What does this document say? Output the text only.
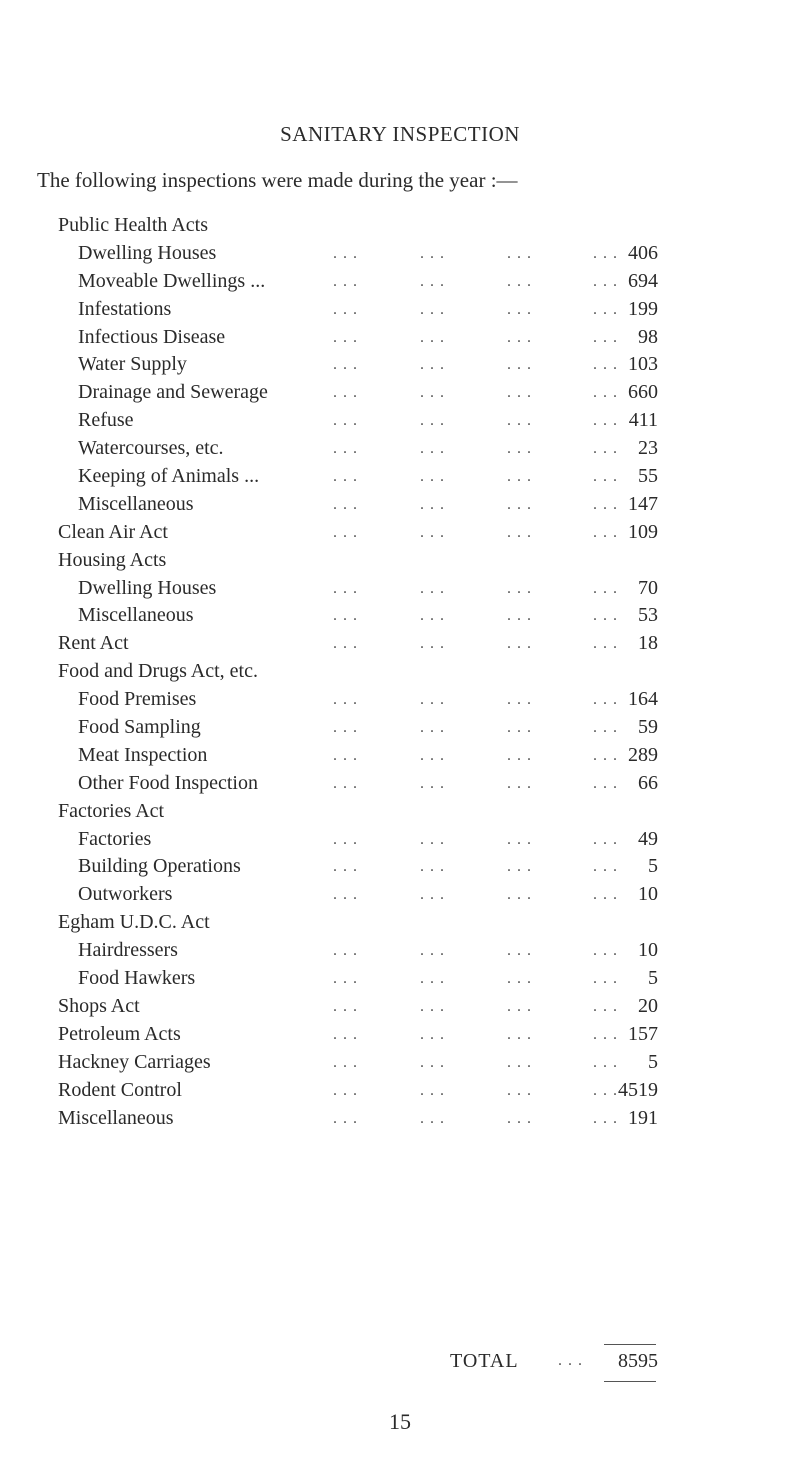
SANITARY INSPECTION
The following inspections were made during the year :—
Public Health Acts
Dwelling Houses	. . .	. . .	. . .	. . . 406
Moveable Dwellings ...	. . .	. . .	. . .	. . . 694
Infestations	. . .	. . .	. . .	. . . 199
Infectious Disease	. . .	. . .	. . .	. . . 98
Water Supply	. . .	. . .	. . .	. . . 103
Drainage and Sewerage	. . .	. . .	. . .	. . . 660
Refuse	. . .	. . .	. . .	. . . 411
Watercourses, etc.	. . .	. . .	. . .	. . . 23
Keeping of Animals ...	. . .	. . .	. . .	. . . 55
Miscellaneous	. . .	. . .	. . .	. . . 147
Clean Air Act	. . .	. . .	. . .	. . . 109
Housing Acts
Dwelling Houses	. . .	. . .	. . .	. . . 70
Miscellaneous	. . .	. . .	. . .	. . . 53
Rent Act	. . .	. . .	. . .	. . . 18
Food and Drugs Act, etc.
Food Premises	. . .	. . .	. . .	. . . 164
Food Sampling	. . .	. . .	. . .	. . . 59
Meat Inspection	. . .	. . .	. . .	. . . 289
Other Food Inspection	. . .	. . .	. . .	. . . 66
Factories Act
Factories	. . .	. . .	. . .	. . . 49
Building Operations	. . .	. . .	. . .	. . . 5
Outworkers	. . .	. . .	. . .	. . . 10
Egham U.D.C. Act
Hairdressers	. . .	. . .	. . .	. . . 10
Food Hawkers	. . .	. . .	. . .	. . . 5
Shops Act	. . .	. . .	. . .	. . . 20
Petroleum Acts	. . .	. . .	. . .	. . . 157
Hackney Carriages	. . .	. . .	. . .	. . . 5
Rodent Control	. . .	. . .	. . .	. . . 4519
Miscellaneous	. . .	. . .	. . .	. . . 191
TOTAL . . . 8595
15
